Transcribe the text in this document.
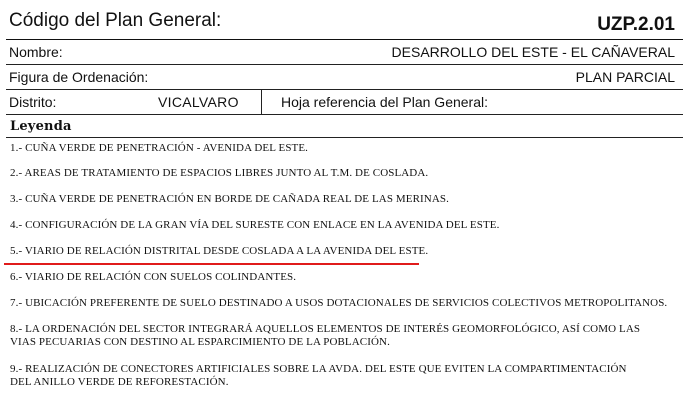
Código del Plan General:	UZP.2.01
Nombre:	DESARROLLO DEL ESTE - EL CAÑAVERAL
Figura de Ordenación:	PLAN PARCIAL
Distrito:	VICALVARO	Hoja referencia del Plan General:
Leyenda
1.- CUÑA VERDE DE PENETRACIÓN - AVENIDA DEL ESTE.
2.- AREAS DE TRATAMIENTO DE ESPACIOS LIBRES JUNTO AL T.M. DE COSLADA.
3.- CUÑA VERDE DE PENETRACIÓN EN BORDE DE CAÑADA REAL DE LAS MERINAS.
4.- CONFIGURACIÓN DE LA GRAN VÍA DEL SURESTE CON ENLACE EN LA AVENIDA DEL ESTE.
5.- VIARIO DE RELACIÓN DISTRITAL DESDE COSLADA A LA AVENIDA DEL ESTE.
6.- VIARIO DE RELACIÓN CON SUELOS COLINDANTES.
7.- UBICACIÓN PREFERENTE DE SUELO DESTINADO A USOS DOTACIONALES DE SERVICIOS COLECTIVOS METROPOLITANOS.
8.- LA ORDENACIÓN DEL SECTOR INTEGRARÁ AQUELLOS ELEMENTOS DE INTERÉS GEOMORFOLÓGICO, ASÍ COMO LAS VIAS PECUARIAS CON DESTINO AL ESPARCIMIENTO DE LA POBLACIÓN.
9.- REALIZACIÓN DE CONECTORES ARTIFICIALES SOBRE LA AVDA. DEL ESTE QUE EVITEN LA COMPARTIMENTACIÓN DEL ANILLO VERDE DE REFORESTACIÓN.
